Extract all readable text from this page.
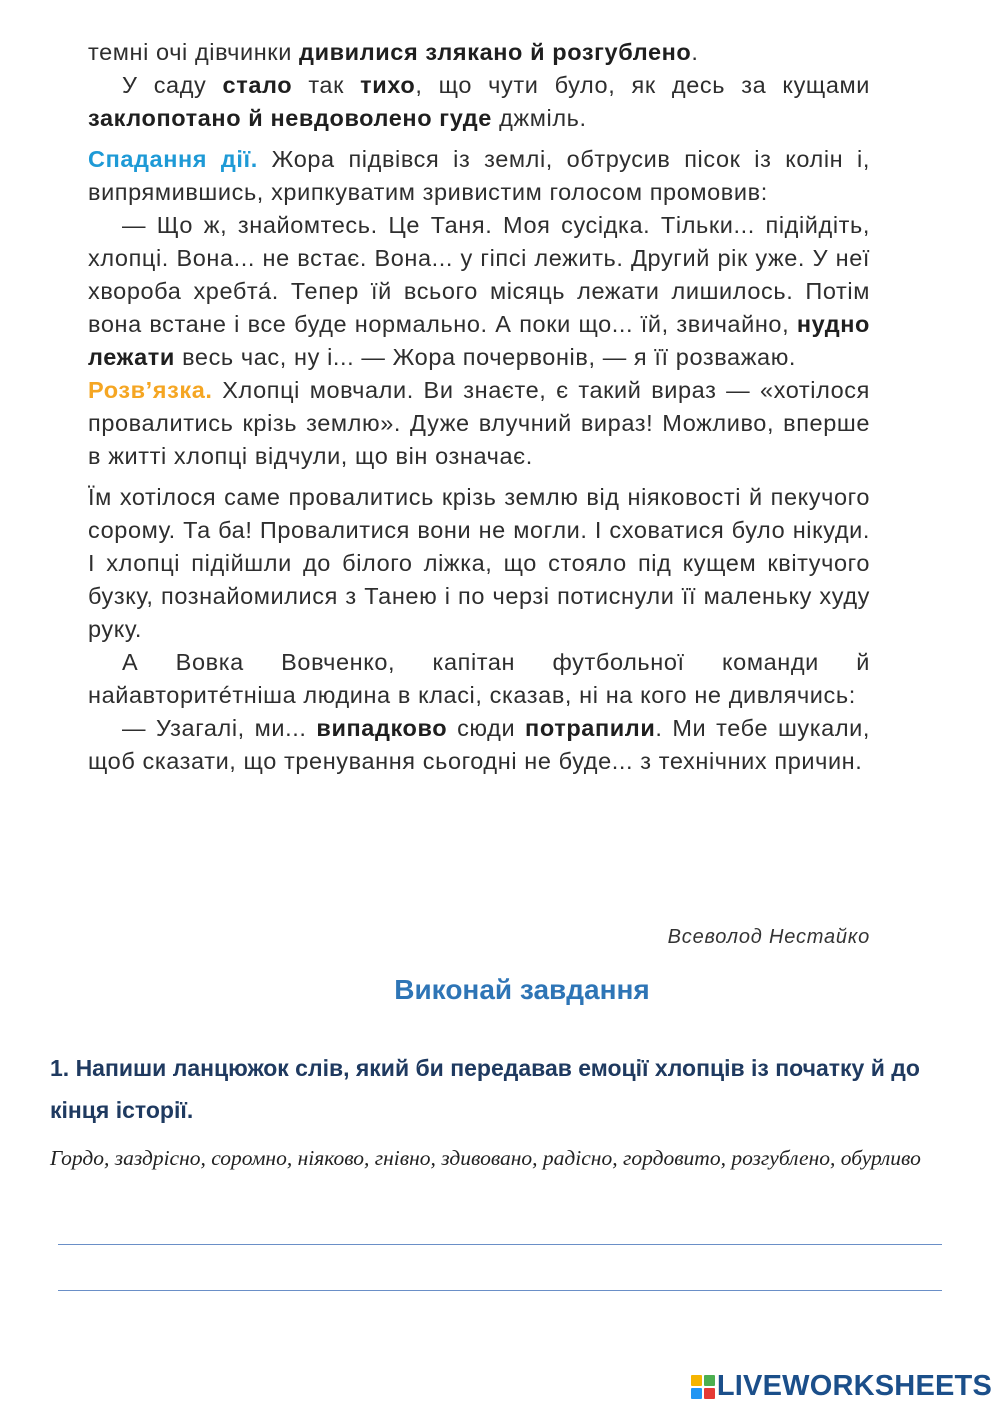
темні очі дівчинки дивилися злякано й розгублено.

У саду стало так тихо, що чути було, як десь за кущами заклопотано й невдоволено гуде джміль.

Спадання дії. Жора підвівся із землі, обтрусив пісок із колін і, випрямившись, хрипкуватим зривистим голосом промовив:

— Що ж, знайомтесь. Це Таня. Моя сусідка. Тільки... підійдіть, хлопці. Вона... не встає. Вона... у гіпсі лежить. Другий рік уже. У неї хвороба хребта́. Тепер їй всього місяць лежати лишилось. Потім вона встане і все буде нормально. А поки що... їй, звичайно, нудно лежати весь час, ну і... — Жора почервонів, — я її розважаю.

Розв’язка. Хлопці мовчали. Ви знаєте, є такий вираз — «хотілося провалитись крізь землю». Дуже влучний вираз! Можливо, вперше в житті хлопці відчули, що він означає.

Їм хотілося саме провалитись крізь землю від ніяковості й пекучого сорому. Та ба! Провалитися вони не могли. І сховатися було нікуди. І хлопці підійшли до білого ліжка, що стояло під кущем квітучого бузку, познайомилися з Танею і по черзі потиснули її маленьку худу руку.

А Вовка Вовченко, капітан футбольної команди й найавторитéтніша людина в класі, сказав, ні на кого не дивлячись:

— Узагалі, ми... випадково сюди потрапили. Ми тебе шукали, щоб сказати, що тренування сьогодні не буде... з технічних причин.

Всеволод Нестайко
Виконай завдання
1. Напиши ланцюжок слів, який би передавав емоції хлопців із початку й до кінця історії.
Гордо, заздрісно, соромно, ніяково, гнівно, здивовано, радісно, гордовито, розгублено, обурливо
LIVEWORKSHEETS
